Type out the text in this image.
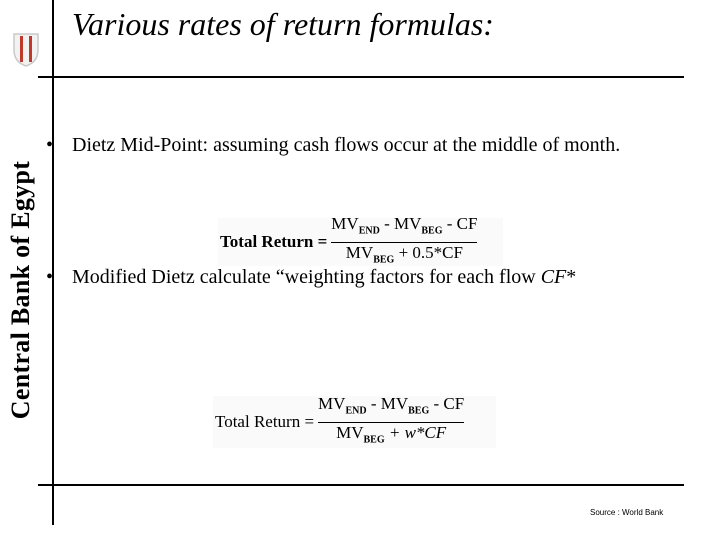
Central Bank of Egypt
Various rates of return formulas:
• Dietz Mid-Point: assuming cash flows occur at the middle of month.
Total Return = $\frac{MV_{END} - MV_{BEG} - CF}{MV_{BEG} + 0.5*CF}$
• Modified Dietz calculate “weighting factors for each flow CF*
Total Return = $\frac{MV_{END} - MV_{BEG} - CF}{MV_{BEG} + w*CF}$
Source : World Bank
